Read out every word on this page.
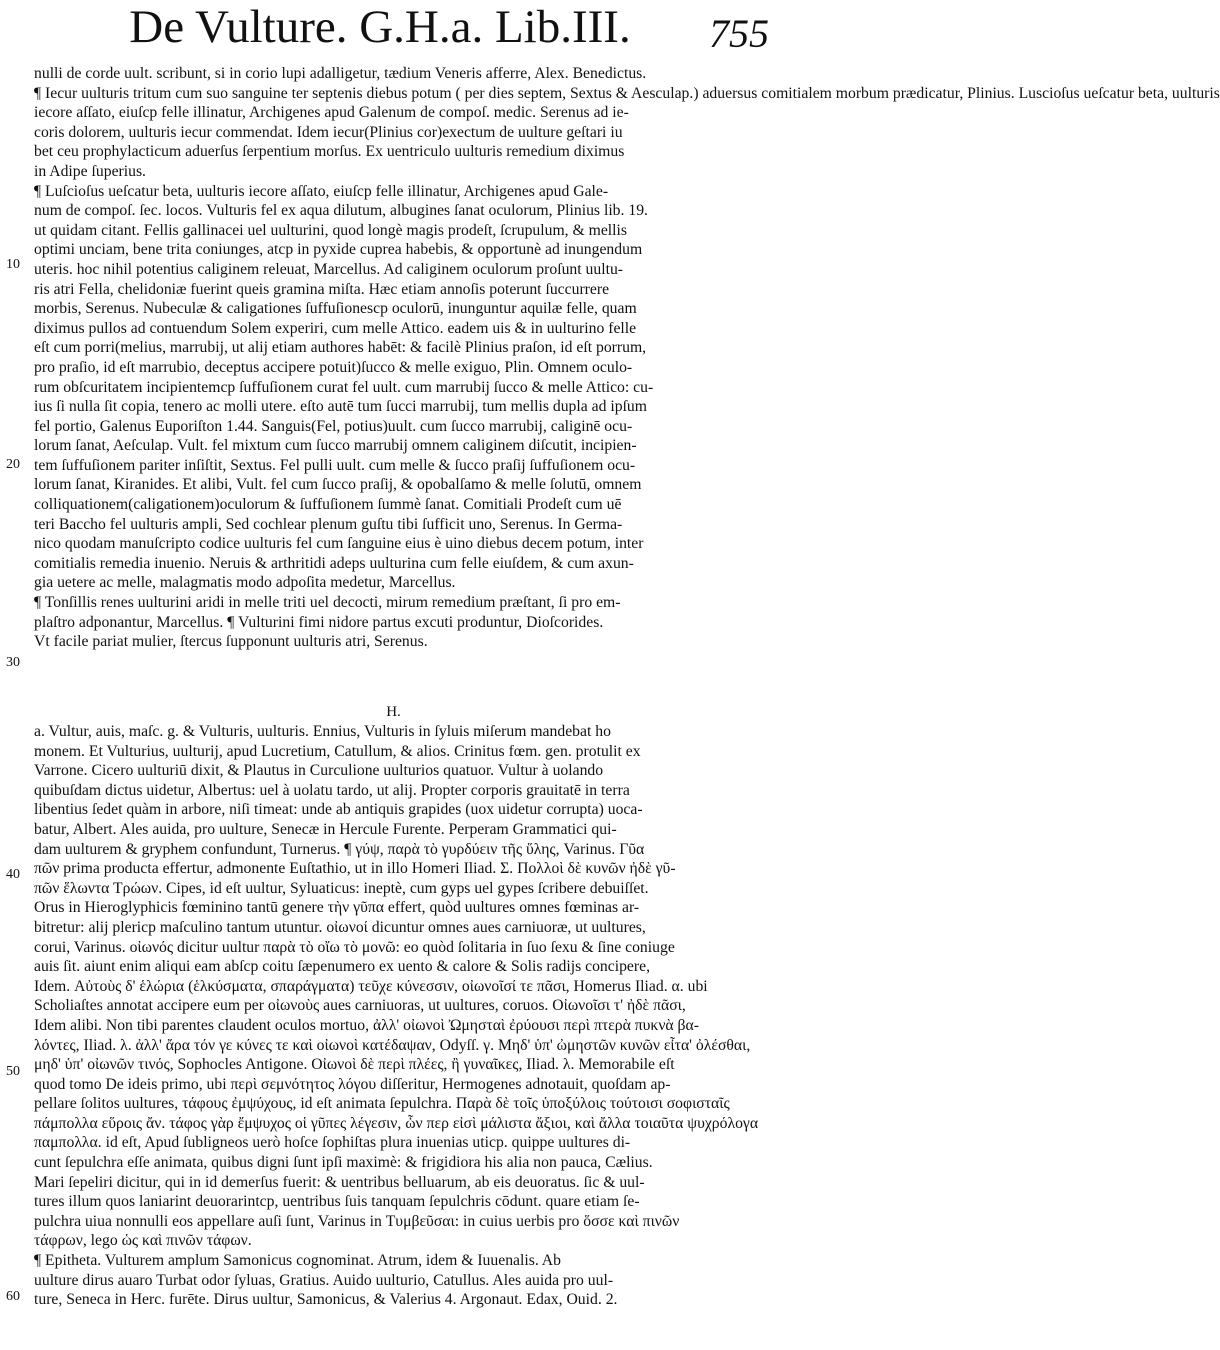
De Vulture. G.H.a. Lib.III.	755
nulli de corde uult. scribunt, si in corio lupi adalligetur, tædium Veneris afferre, Alex. Benedictus.
¶ Iecur uulturis tritum cum suo sanguine ter septenis diebus potum ( per dies septem, Sextus & Aesculap.) aduersus comitialem morbum prædicatur, Plinius. Luscioſus ueſcatur beta, uulturis
iecore aſſato, eiuſcp felle illinatur, Archigenes apud Galenum de compoſ. medic. Serenus ad ie-
coris dolorem, uulturis iecur commendat. Idem iecur(Plinius cor)exectum de uulture geſtari iu
bet ceu prophylacticum aduerſus ſerpentium morſus. Ex uentriculo uulturis remedium diximus
in Adipe ſuperius.
¶ Luſcioſus ueſcatur beta, uulturis iecore aſſato, eiuſcp felle illinatur, Archigenes apud Gale-
num de compoſ. ſec. locos. Vulturis fel ex aqua dilutum, albugines ſanat oculorum, Plinius lib. 19.
ut quidam citant. Fellis gallinacei uel uulturini, quod longè magis prodeſt, ſcrupulum, & mellis
optimi unciam, bene trita coniunges, atcp in pyxide cuprea habebis, & opportunè ad inungendum
uteris. hoc nihil potentius caliginem releuat, Marcellus. Ad caliginem oculorum proſunt uultu-
ris atri Fella, chelidoniæ fuerint queis gramina miſta. Hæc etiam annoſis poterunt ſuccurrere
morbis, Serenus. Nubeculæ & caligationes ſuffuſionescp oculorū, inunguntur aquilæ felle, quam
diximus pullos ad contuendum Solem experiri, cum melle Attico. eadem uis & in uulturino felle
eſt cum porri(melius, marrubij, ut alij etiam authores habēt: & facilè Plinius praſon, id eſt porrum,
pro praſio, id eſt marrubio, deceptus accipere potuit)ſucco & melle exiguo, Plin. Omnem oculo-
rum obſcuritatem incipientemcp ſuffuſionem curat fel uult. cum marrubij ſucco & melle Attico: cu-
ius ſi nulla ſit copia, tenero ac molli utere. eſto autē tum ſucci marrubij, tum mellis dupla ad ipſum
fel portio, Galenus Euporiſton 1.44. Sanguis(Fel, potius)uult. cum ſucco marrubij, caliginē ocu-
lorum ſanat, Aeſculap. Vult. fel mixtum cum ſucco marrubij omnem caliginem diſcutit, incipien-
tem ſuffuſionem pariter inſiſtit, Sextus. Fel pulli uult. cum melle & ſucco praſij ſuffuſionem ocu-
lorum ſanat, Kiranides. Et alibi, Vult. fel cum ſucco praſij, & opobalſamo & melle ſolutū, omnem
colliquationem(caligationem)oculorum & ſuffuſionem ſummè ſanat. Comitiali Prodeſt cum uē
teri Baccho fel uulturis ampli, Sed cochlear plenum guſtu tibi ſufficit uno, Serenus. In Germa-
nico quodam manuſcripto codice uulturis fel cum ſanguine eius è uino diebus decem potum, inter
comitialis remedia inuenio. Neruis & arthritidi adeps uulturina cum felle eiuſdem, & cum axun-
gia uetere ac melle, malagmatis modo adpoſita medetur, Marcellus.
¶ Tonſillis renes uulturini aridi in melle triti uel decocti, mirum remedium præſtant, ſi pro em-
plaſtro adponantur, Marcellus. ¶ Vulturini fimi nidore partus excuti produntur, Dioſcorides.
Vt facile pariat mulier, ſtercus ſupponunt uulturis atri, Serenus.
H.
a. Vultur, auis, maſc. g. & Vulturis, uulturis. Ennius, Vulturis in ſyluis miſerum mandebat ho
monem. Et Vulturius, uulturij, apud Lucretium, Catullum, & alios. Crinitus fœm. gen. protulit ex
Varrone. Cicero uulturiū dixit, & Plautus in Curculione uulturios quatuor. Vultur à uolando
quibuſdam dictus uidetur, Albertus: uel à uolatu tardo, ut alij. Propter corporis grauitatē in terra
libentius ſedet quàm in arbore, niſi timeat: unde ab antiquis grapides (uox uidetur corrupta) uoca-
batur, Albert. Ales auida, pro uulture, Senecæ in Hercule Furente. Perperam Grammatici qui-
dam uulturem & gryphem confundunt, Turnerus. ¶ γύψ, παρὰ τὸ γυρδύειν τῆς ὕλης, Varinus. Γῦα
πῶν prima producta effertur, admonente Euſtathio, ut in illo Homeri Iliad. Σ. Πολλοὶ δὲ κυνῶν ἠδὲ γῦ-
πῶν ἕλωντα Τρώων. Cipes, id eſt uultur, Syluaticus: ineptè, cum gyps uel gypes ſcribere debuiſſet.
Orus in Hieroglyphicis fœminino tantū genere τὴν γῦπα effert, quòd uultures omnes fœminas ar-
bitretur: alij plericp maſculino tantum utuntur. οἰωνοί dicuntur omnes aues carniuoræ, ut uultures,
corui, Varinus. οἰωνός dicitur uultur παρὰ τὸ οἴω τὸ μονῶ: eo quòd ſolitaria in ſuo ſexu & ſine coniuge
auis ſit. aiunt enim aliqui eam abſcp coitu ſæpenumero ex uento & calore & Solis radijs concipere,
Idem. Αὐτοὺς δ' ἑλώρια (ἑλκύσματα, σπαράγματα) τεῦχε κύνεσσιν, οἰωνοῖσί τε πᾶσι, Homerus Iliad. α. ubi
Scholiaſtes annotat accipere eum per οἰωνοὺς aues carniuoras, ut uultures, coruos. Οἰωνοῖσι τ' ἠδὲ πᾶσι,
Idem alibi. Non tibi parentes claudent oculos mortuo, ἀλλ' οἰωνοὶ Ὠμησταὶ ἐρύουσι περὶ πτερὰ πυκνὰ βα-
λόντες, Iliad. λ. ἀλλ' ἄρα τόν γε κύνες τε καὶ οἰωνοὶ κατέδαψαν, Odyſſ. γ. Μηδ' ὑπ' ὠμηστῶν κυνῶν εἶτα' ὀλέσθαι,
μηδ' ὑπ' οἰωνῶν τινός, Sophocles Antigone. Οἰωνοὶ δὲ περὶ πλέες, ἢ γυναῖκες, Iliad. λ. Memorabile eſt
quod tomo De ideis primo, ubi περὶ σεμνότητος λόγου diſſeritur, Hermogenes adnotauit, quoſdam ap-
pellare ſolitos uultures, τάφους ἐμψύχους, id eſt animata ſepulchra. Παρὰ δὲ τοῖς ὑποξύλοις τούτοισι σοφισταῖς
πάμπολλα εὕροις ἄν. τάφος γὰρ ἔμψυχος οἱ γῦπες λέγεσιν, ὧν περ εἰσὶ μάλιστα ἄξιοι, καὶ ἄλλα τοιαῦτα ψυχρόλογα
παμπολλα. id eſt, Apud ſubligneos uerò hoſce ſophiſtas plura inuenias uticp. quippe uultures di-
cunt ſepulchra eſſe animata, quibus digni ſunt ipſi maximè: & frigidiora his alia non pauca, Cælius.
Mari ſepeliri dicitur, qui in id demerſus fuerit: & uentribus belluarum, ab eis deuoratus. ſic & uul-
tures illum quos laniarint deuorarintcp, uentribus ſuis tanquam ſepulchris cōdunt. quare etiam ſe-
pulchra uiua nonnulli eos appellare auſi ſunt, Varinus in Τυμβεῦσαι: in cuius uerbis pro ὅσσε καὶ πινῶν
τάφρων, lego ὡς καὶ πινῶν τάφων.
¶ Epitheta. Vulturem amplum Samonicus cognominat. Atrum, idem & Iuuenalis. Ab
uulture dirus auaro Turbat odor ſyluas, Gratius. Auido uulturio, Catullus. Ales auida pro uul-
ture, Seneca in Herc. furēte. Dirus uultur, Samonicus, & Valerius 4. Argonaut. Edax, Ouid. 2.
10
20
30
40
50
60
